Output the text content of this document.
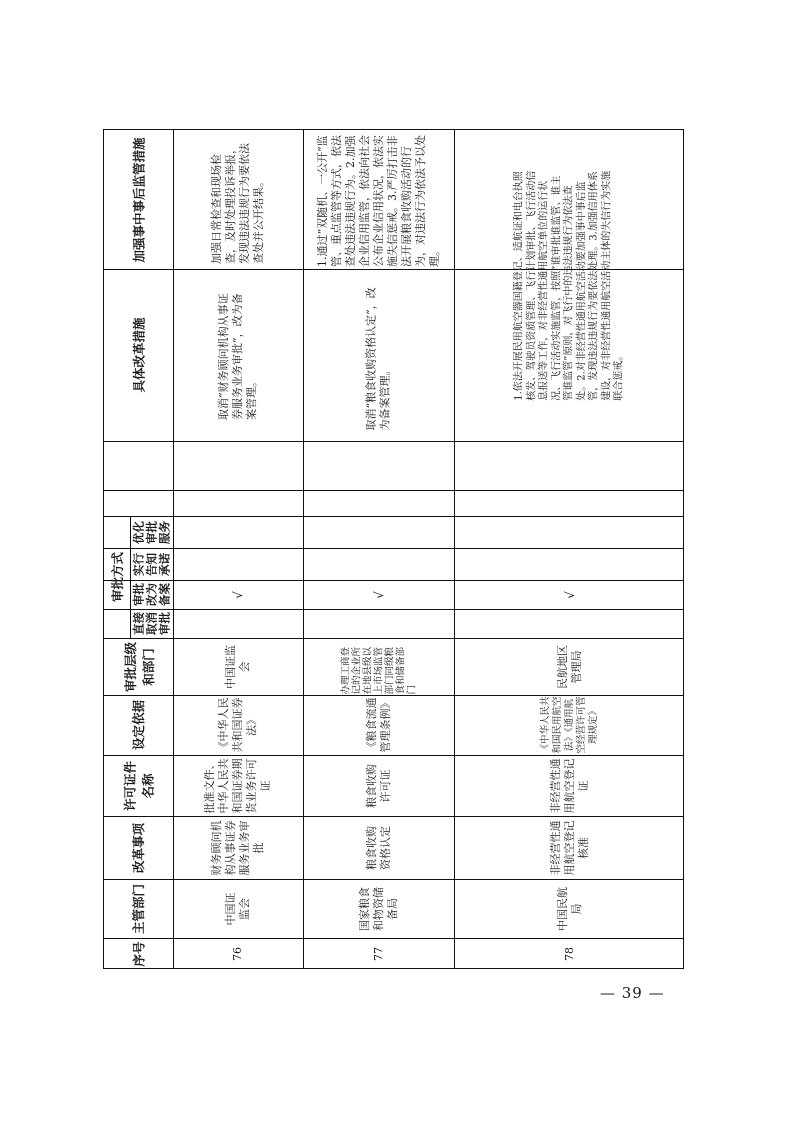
加强事中事后监管措施
具体改革措施
优化审批服务
实行告知承诺
审批改为备案
直接取消审批
审批方式
审批层级和部门
设定依据
许可证件名称
改革事项
主管部门
序号
加强日常检查和现场检查，及时处理投诉举报，发现违法违规行为要依法查处并公开结果。
取消“财务顾问机构从事证券服务业务审批”，改为备案管理。
√
中国证监会
《中华人民共和国证券法》
批准文件、中华人民共和国证券期货业务许可证
财务顾问机构从事证券服务业务审批
中国证监会
76
1.通过“双随机、一公开”监管、重点监管等方式，依法查处违法违规行为。2.加强企业信用监管，依法向社会公布企业信用状况，依法实施失信惩戒。3.严厉打击非法开展粮食收购活动的行为，对违法行为依法予以处理。
取消“粮食收购资格认定”，改为备案管理。
√
办理工商登记的企业所在地县级以上市场监管部门同级粮食和储备部门
《粮食流通管理条例》
粮食收购许可证
粮食收购资格认定
国家粮食和物资储备局
77
1.依法开展民用航空器国籍登记、适航证和电台执照核发、驾驶员资质管理、飞行计划审批、飞行活动信息报送等工作，对非经营性通用航空单位的运行状况、飞行活动实施监管，按照“谁审批谁监管、谁主管谁监管”原则，对飞行中的违法违规行为依法查处。2.对非经营性通用航空活动要加强事中事后监管，发现违法违规行为要依法处理。3.加强信用体系建设，对非经营性通用航空活动主体的失信行为实施联合惩戒。
√
民航地区管理局
《中华人民共和国民用航空法》《通用航空经营许可管理规定》
非经营性通用航空登记证
非经营性通用航空登记核准
中国民航局
78
— 39 —
